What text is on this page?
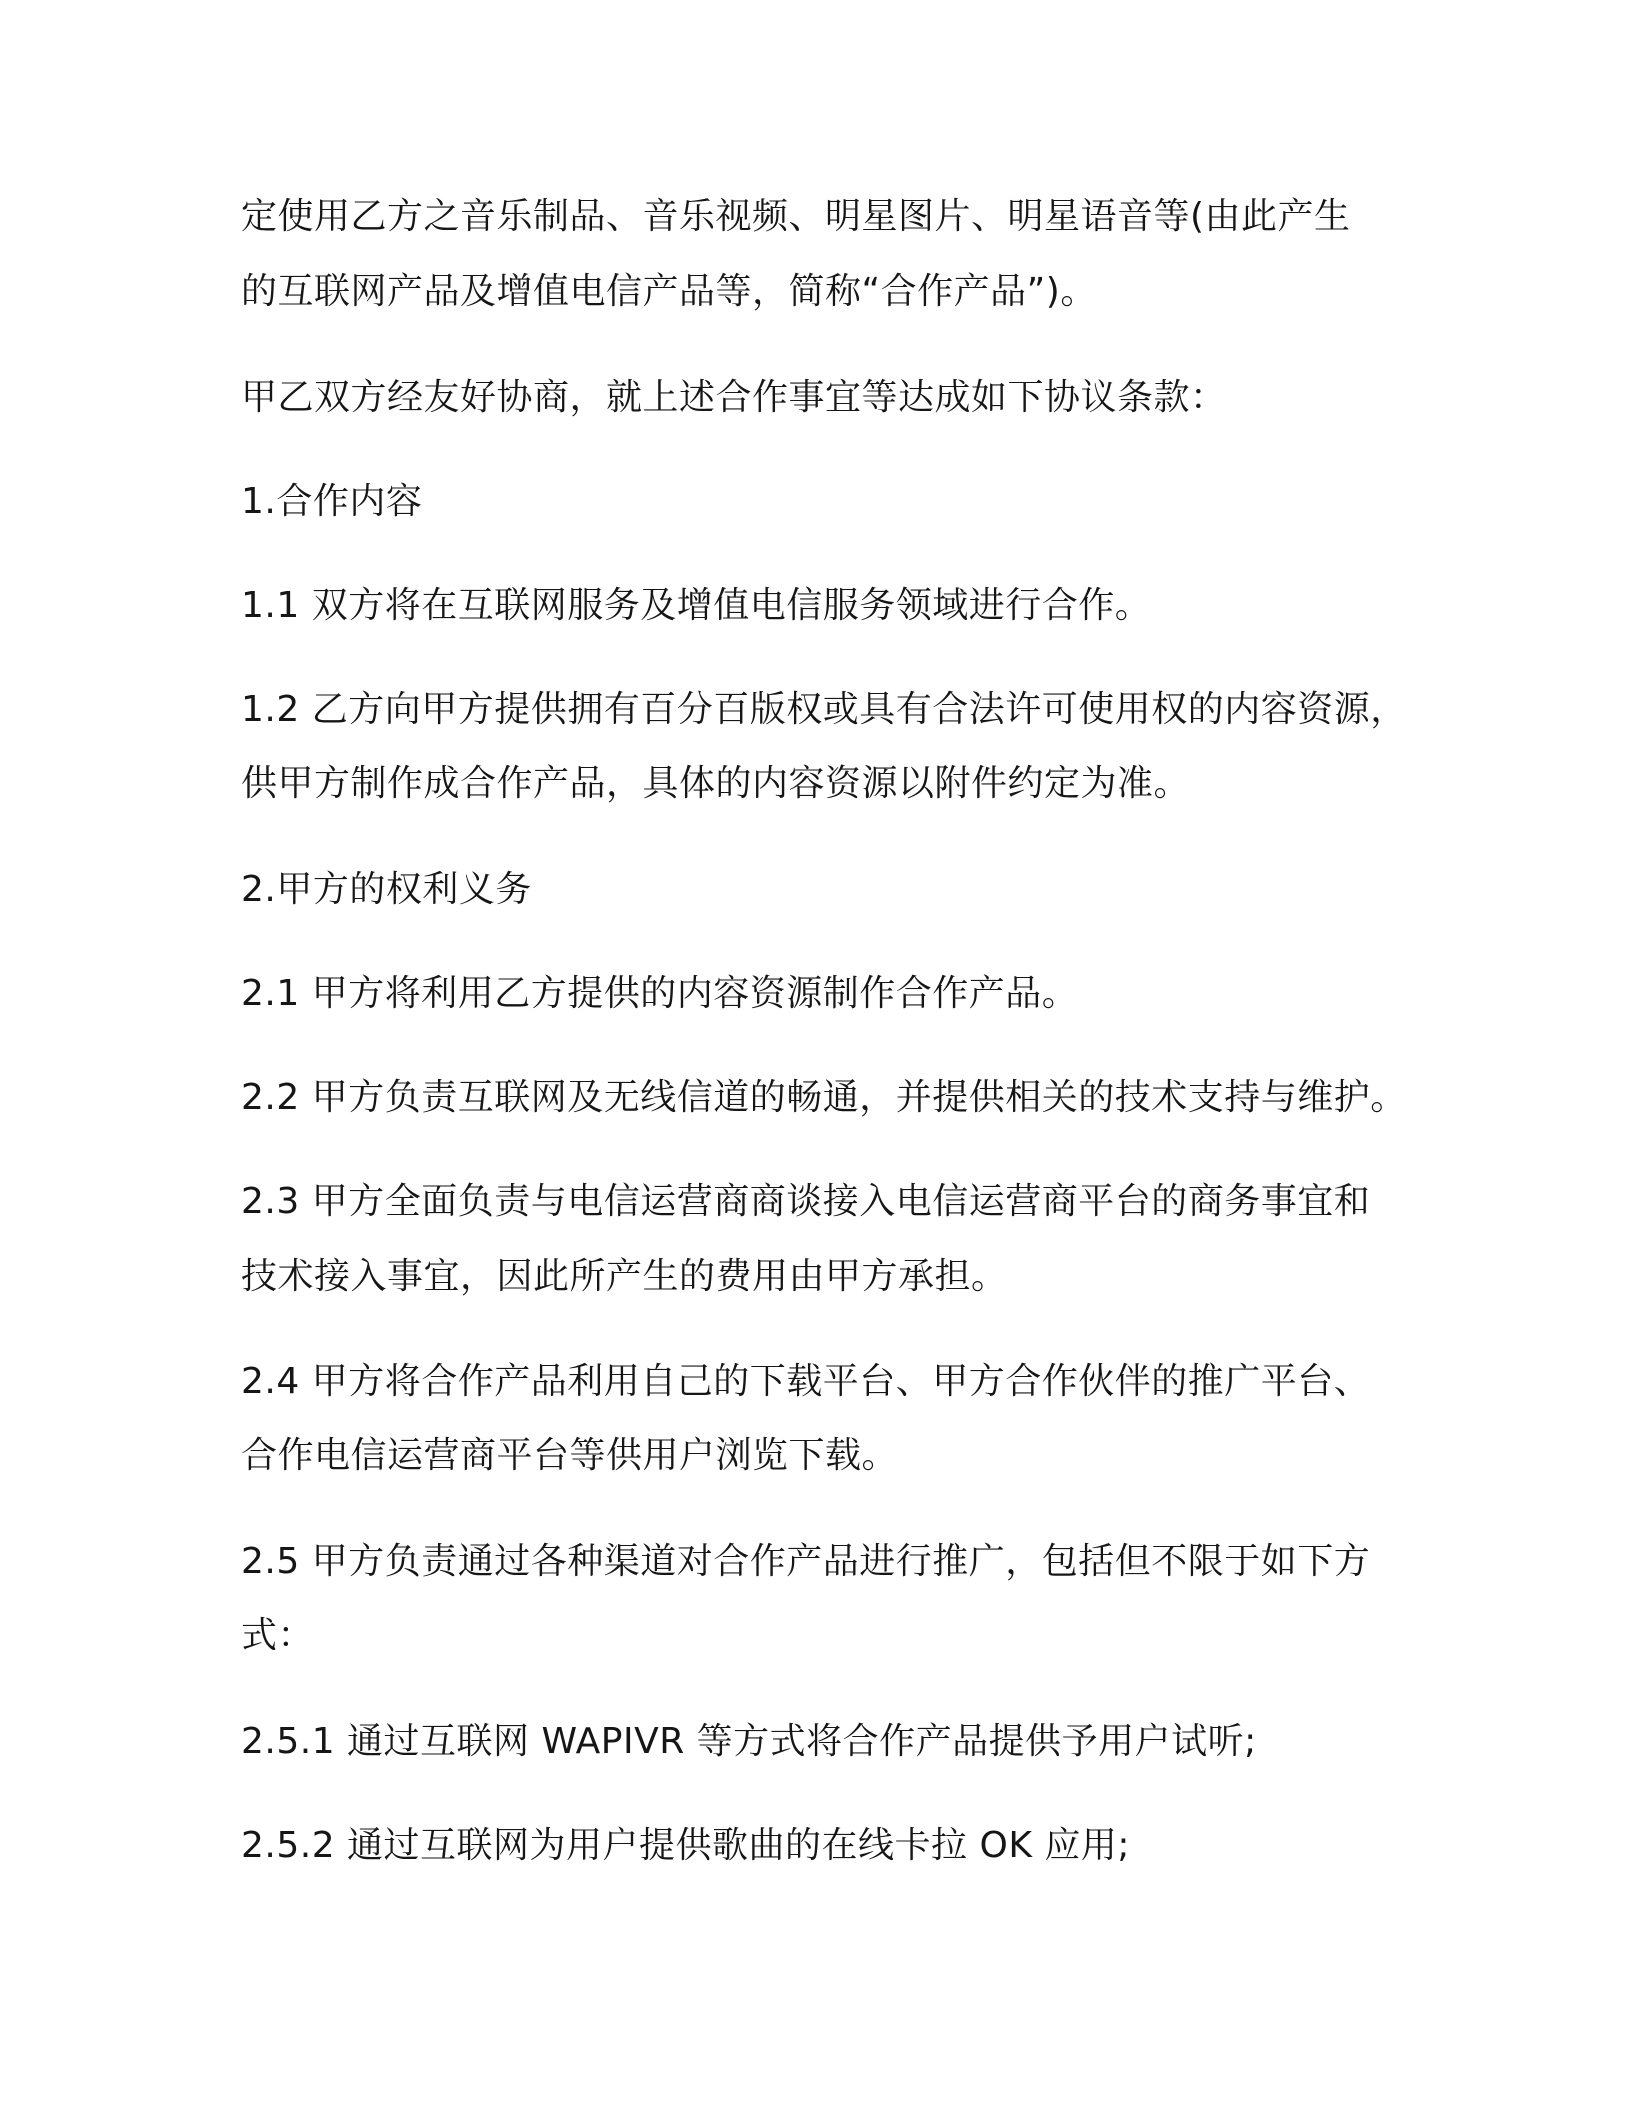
定使用乙方之音乐制品、音乐视频、明星图片、明星语音等(由此产生

的互联网产品及增值电信产品等，简称“合作产品”)。

甲乙双方经友好协商，就上述合作事宜等达成如下协议条款：

1.合作内容

1.1 双方将在互联网服务及增值电信服务领域进行合作。

1.2 乙方向甲方提供拥有百分百版权或具有合法许可使用权的内容资源，

供甲方制作成合作产品，具体的内容资源以附件约定为准。

2.甲方的权利义务

2.1 甲方将利用乙方提供的内容资源制作合作产品。

2.2 甲方负责互联网及无线信道的畅通，并提供相关的技术支持与维护。

2.3 甲方全面负责与电信运营商商谈接入电信运营商平台的商务事宜和

技术接入事宜，因此所产生的费用由甲方承担。

2.4 甲方将合作产品利用自己的下载平台、甲方合作伙伴的推广平台、

合作电信运营商平台等供用户浏览下载。

2.5 甲方负责通过各种渠道对合作产品进行推广，包括但不限于如下方

式：

2.5.1 通过互联网 WAPIVR 等方式将合作产品提供予用户试听;

2.5.2 通过互联网为用户提供歌曲的在线卡拉 OK 应用;
